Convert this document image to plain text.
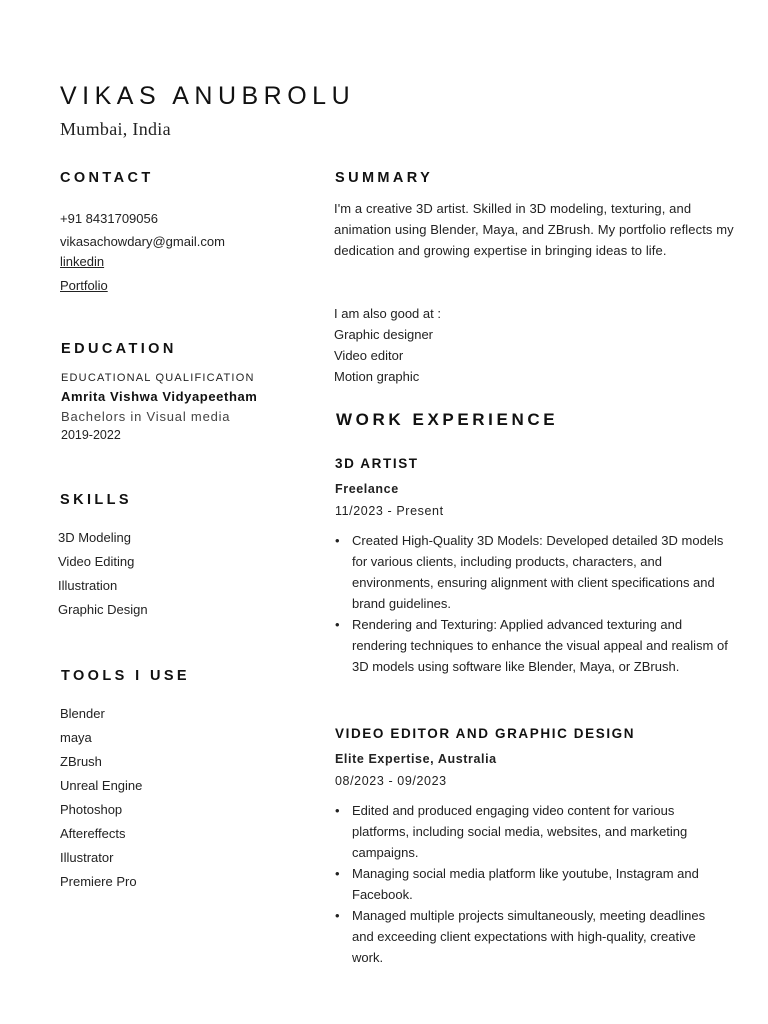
VIKAS ANUBROLU
Mumbai, India
CONTACT
+91 8431709056
vikasachowdary@gmail.com
linkedin
Portfolio
EDUCATION
EDUCATIONAL QUALIFICATION
Amrita Vishwa Vidyapeetham
Bachelors in Visual media
2019-2022
SKILLS
3D Modeling
Video Editing
Illustration
Graphic Design
TOOLS I USE
Blender
maya
ZBrush
Unreal Engine
Photoshop
Aftereffects
Illustrator
Premiere Pro
SUMMARY
I'm a creative 3D artist. Skilled in 3D modeling, texturing, and animation using Blender, Maya, and ZBrush. My portfolio reflects my dedication and growing expertise in bringing ideas to life.
I am also good at :
Graphic designer
Video editor
Motion graphic
WORK EXPERIENCE
3D ARTIST
Freelance
11/2023 - Present
• Created High-Quality 3D Models: Developed detailed 3D models for various clients, including products, characters, and environments, ensuring alignment with client specifications and brand guidelines.
• Rendering and Texturing: Applied advanced texturing and rendering techniques to enhance the visual appeal and realism of 3D models using software like Blender, Maya, or ZBrush.
VIDEO EDITOR AND GRAPHIC DESIGN
Elite Expertise, Australia
08/2023 - 09/2023
• Edited and produced engaging video content for various platforms, including social media, websites, and marketing campaigns.
• Managing social media platform like youtube, Instagram and Facebook.
• Managed multiple projects simultaneously, meeting deadlines and exceeding client expectations with high-quality, creative work.
